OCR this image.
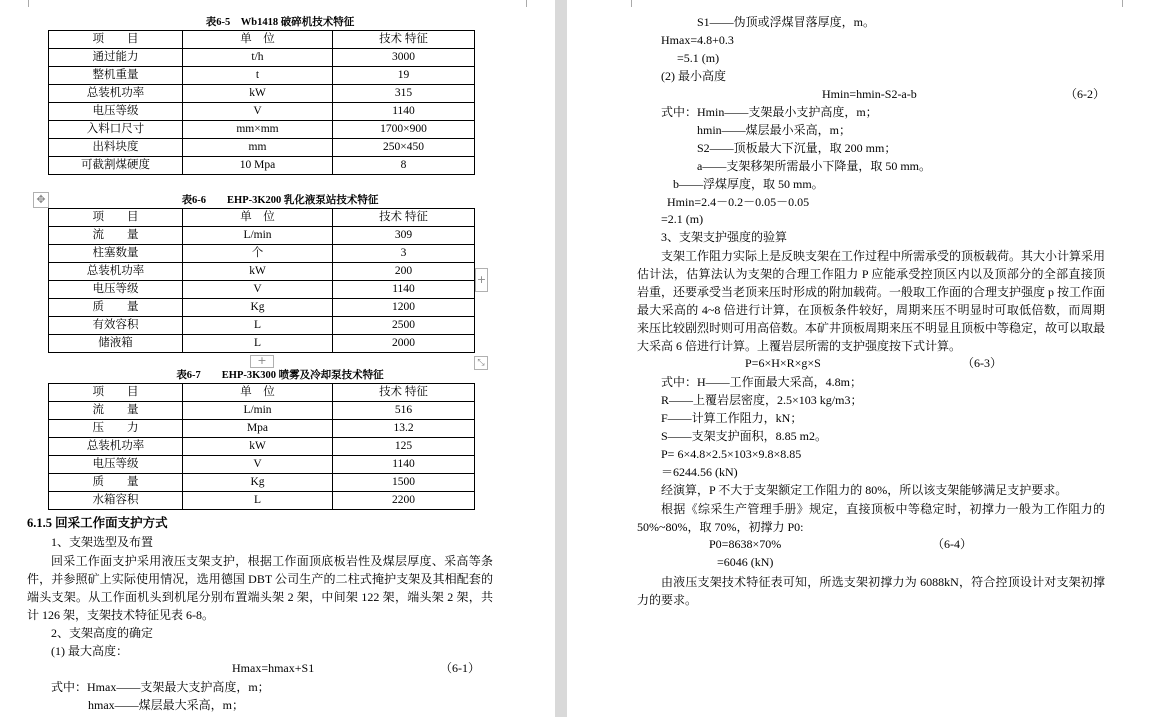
表6-5　Wb1418 破碎机技术特征
项　　目	单　位	技术 特征
通过能力	t/h	3000
整机重量	t	19
总装机功率	kW	315
电压等级	V	1140
入料口尺寸	mm×mm	1700×900
出料块度	mm	250×450
可截割煤硬度	10 Mpa	8
✥	表6-6　　EHP-3K200 乳化液泵站技术特征
项　　目	单　位	技术 特征
流　　量	L/min	309
柱塞数量	个	3
总装机功率	kW	200
电压等级	V	1140
质　　量	Kg	1200
有效容积	L	2500
储液箱	L	2000
+
+	⤡
表6-7　　EHP-3K300 喷雾及冷却泵技术特征
项　　目	单　位	技术 特征
流　　量	L/min	516
压　　力	Mpa	13.2
总装机功率	kW	125
电压等级	V	1140
质　　量	Kg	1500
水箱容积	L	2200
6.1.5 回采工作面支护方式
1、支架选型及布置
回采工作面支护采用液压支架支护，根据工作面顶底板岩性及煤层厚度、采高等条件，并参照矿上实际使用情况，选用德国 DBT 公司生产的二柱式掩护支架及其相配套的端头支架。从工作面机头到机尾分别布置端头架 2 架，中间架 122 架，端头架 2 架，共计 126 架，支架技术特征见表 6-8。
2、支架高度的确定
(1) 最大高度：
Hmax=hmax+S1	（6-1）
式中：Hmax——支架最大支护高度，m；
hmax——煤层最大采高，m；
S1——伪顶或浮煤冒落厚度，m。
Hmax=4.8+0.3
=5.1 (m)
(2) 最小高度
Hmin=hmin-S2-a-b	（6-2）
式中：Hmin——支架最小支护高度，m；
hmin——煤层最小采高，m；
S2——顶板最大下沉量，取 200 mm；
a——支架移架所需最小下降量，取 50 mm。
b——浮煤厚度，取 50 mm。
Hmin=2.4－0.2－0.05－0.05
=2.1 (m)
3、支架支护强度的验算
支架工作阻力实际上是反映支架在工作过程中所需承受的顶板载荷。其大小计算采用估计法，估算法认为支架的合理工作阻力 P 应能承受控顶区内以及顶部分的全部直接顶岩重，还要承受当老顶来压时形成的附加载荷。一般取工作面的合理支护强度 p 按工作面最大采高的 4~8 倍进行计算，在顶板条件较好，周期来压不明显时可取低倍数，而周期来压比较剧烈时则可用高倍数。本矿井顶板周期来压不明显且顶板中等稳定，故可以取最大采高 6 倍进行计算。上覆岩层所需的支护强度按下式计算。
P=6×H×R×g×S	（6-3）
式中：H——工作面最大采高，4.8m；
R——上覆岩层密度，2.5×103 kg/m3；
F——计算工作阻力，kN；
S——支架支护面积，8.85 m2。
P= 6×4.8×2.5×103×9.8×8.85
＝6244.56 (kN)
经演算，P 不大于支架额定工作阻力的 80%，所以该支架能够满足支护要求。
根据《综采生产管理手册》规定，直接顶板中等稳定时，初撑力一般为工作阻力的 50%~80%，取 70%，初撑力 P0:
P0=8638×70%	（6-4）
=6046 (kN)
由液压支架技术特征表可知，所选支架初撑力为 6088kN，符合控顶设计对支架初撑力的要求。
